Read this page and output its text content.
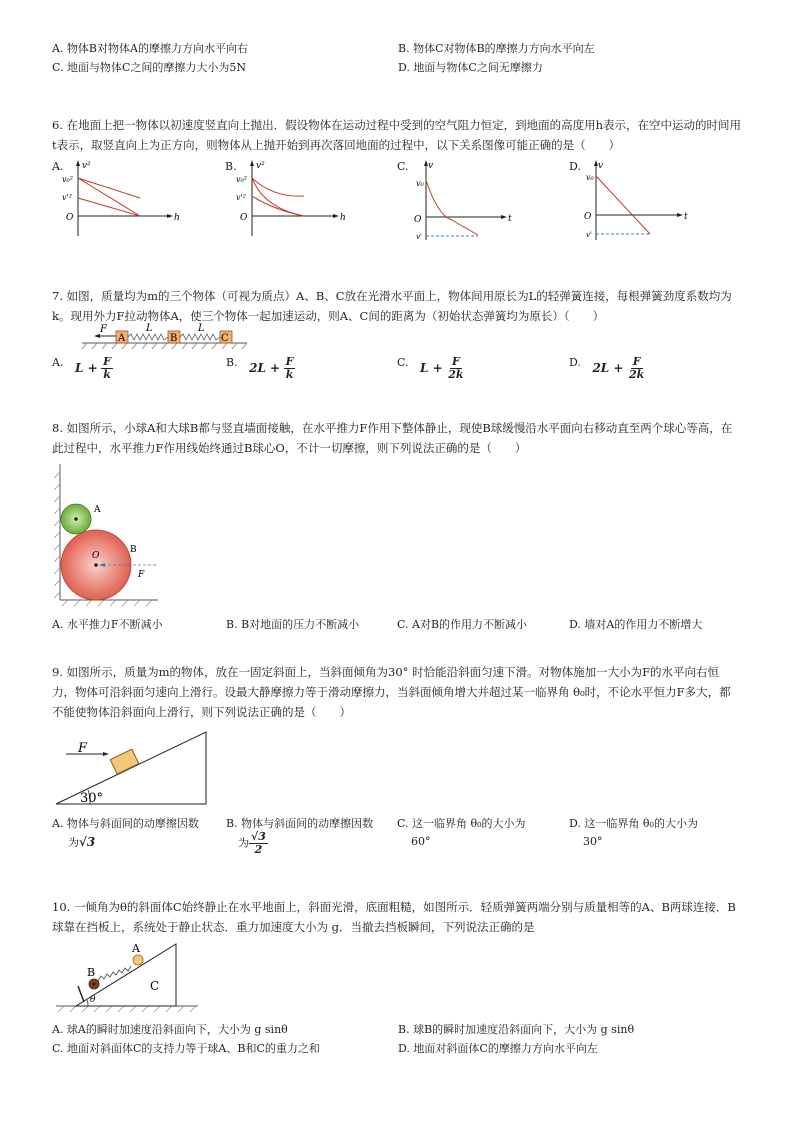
A. 物体B对物体A的摩擦力方向水平向右	B. 物体C对物体B的摩擦力方向水平向左
C. 地面与物体C之间的摩擦力大小为5N	D. 地面与物体C之间无摩擦力
6. 在地面上把一物体以初速度竖直向上抛出．假设物体在运动过程中受到的空气阻力恒定，到地面的高度用h表示，在空中运动的时间用t表示，取竖直向上为正方向，则物体从上抛开始到再次落回地面的过程中，以下关系图像可能正确的是（　　）
A. v²
v₀²
v'²
O	h
B. v²
v₀²
v'²
O	h
C. v
v₀
O
v'
t
D. v
v₀
O
v'
t
7. 如图，质量均为m的三个物体（可视为质点）A、B、C放在光滑水平面上，物体间用原长为L的轻弹簧连接，每根弹簧劲度系数均为k。现用外力F拉动物体A，使三个物体一起加速运动，则A、C间的距离为（初始状态弹簧均为原长）（　　）
F	L	L
A	B	C
A. $L + \frac{F}{k}$	B. $2L + \frac{F}{k}$	C. $L + \frac{F}{2k}$	D. $2L + \frac{F}{2k}$
8. 如图所示，小球A和大球B都与竖直墙面接触，在水平推力F作用下整体静止，现使B球缓慢沿水平面向右移动直至两个球心等高，在此过程中，水平推力F作用线始终通过B球心O，不计一切摩擦，则下列说法正确的是（　　）
A
O
B
F
A. 水平推力F不断减小	B. B对地面的压力不断减小	C. A对B的作用力不断减小	D. 墙对A的作用力不断增大
9. 如图所示，质量为m的物体，放在一固定斜面上，当斜面倾角为30° 时恰能沿斜面匀速下滑。对物体施加一大小为F的水平向右恒力，物体可沿斜面匀速向上滑行。设最大静摩擦力等于滑动摩擦力，当斜面倾角增大并超过某一临界角 θ₀时，不论水平恒力F多大，都不能使物体沿斜面向上滑行，则下列说法正确的是（　　）
F
30°
A. 物体与斜面间的动摩擦因数
为√3
B. 物体与斜面间的动摩擦因数
为 $\frac{√3}{2}$
C. 这一临界角 θ₀的大小为
60°
D. 这一临界角 θ₀的大小为
30°
10. 一倾角为θ的斜面体C始终静止在水平地面上，斜面光滑，底面粗糙，如图所示．轻质弹簧两端分别与质量相等的A、B两球连接．B球靠在挡板上，系统处于静止状态．重力加速度大小为 g．当撤去挡板瞬间，下列说法正确的是
A
B
C
θ
A. 球A的瞬时加速度沿斜面向下，大小为 g sinθ	B. 球B的瞬时加速度沿斜面向下，大小为 g sinθ
C. 地面对斜面体C的支持力等于球A、B和C的重力之和	D. 地面对斜面体C的摩擦力方向水平向左
